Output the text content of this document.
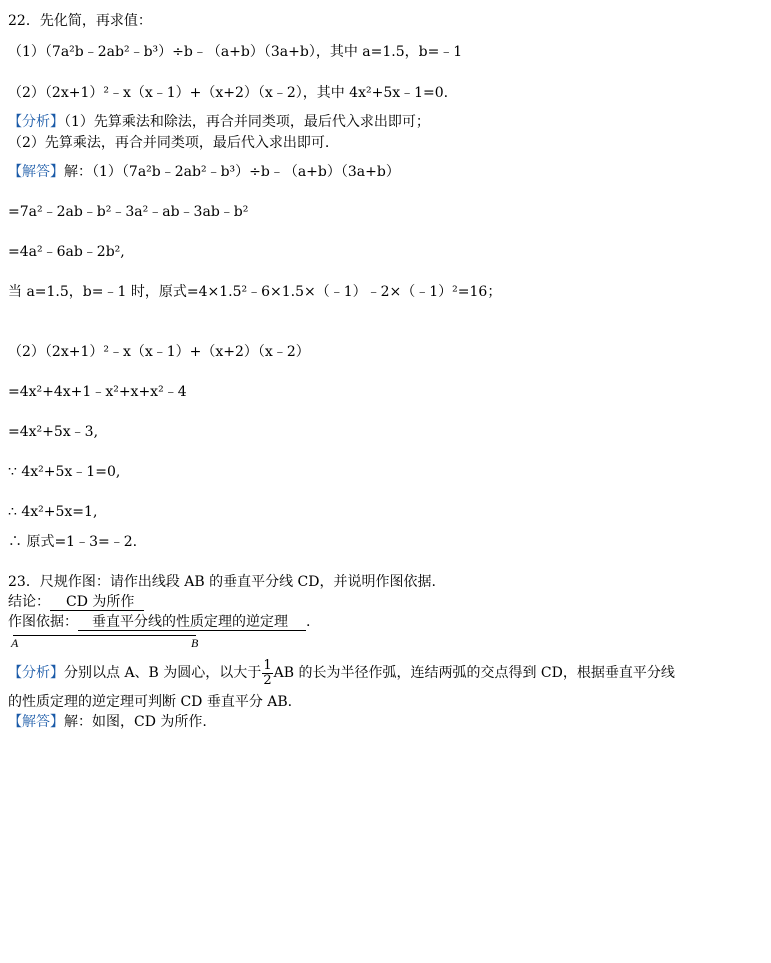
22．先化简，再求值：
（1）（7a²b﹣2ab²﹣b³）÷b﹣（a+b）（3a+b），其中 a=1.5，b=﹣1
（2）（2x+1）²﹣x（x﹣1）+（x+2）（x﹣2），其中 4x²+5x﹣1=0.
【分析】（1）先算乘法和除法，再合并同类项，最后代入求出即可；
（2）先算乘法，再合并同类项，最后代入求出即可.
【解答】解：（1）（7a²b﹣2ab²﹣b³）÷b﹣（a+b）（3a+b）
=7a²﹣2ab﹣b²﹣3a²﹣ab﹣3ab﹣b²
=4a²﹣6ab﹣2b²,
当 a=1.5，b=﹣1 时，原式=4×1.5²﹣6×1.5×（﹣1）﹣2×（﹣1）²=16；
（2）（2x+1）²﹣x（x﹣1）+（x+2）（x﹣2）
=4x²+4x+1﹣x²+x+x²﹣4
=4x²+5x﹣3,
∵ 4x²+5x﹣1=0,
∴ 4x²+5x=1,
∴ 原式=1﹣3=﹣2.
23．尺规作图：请作出线段 AB 的垂直平分线 CD，并说明作图依据.
结论： CD 为所作
作图依据： 垂直平分线的性质定理的逆定理 .
A	B
【分析】分别以点 A、B 为圆心，以大于 $\frac{1}{2}$ AB 的长为半径作弧，连结两弧的交点得到 CD，根据垂直平分线
的性质定理的逆定理可判断 CD 垂直平分 AB.
【解答】解：如图，CD 为所作.
